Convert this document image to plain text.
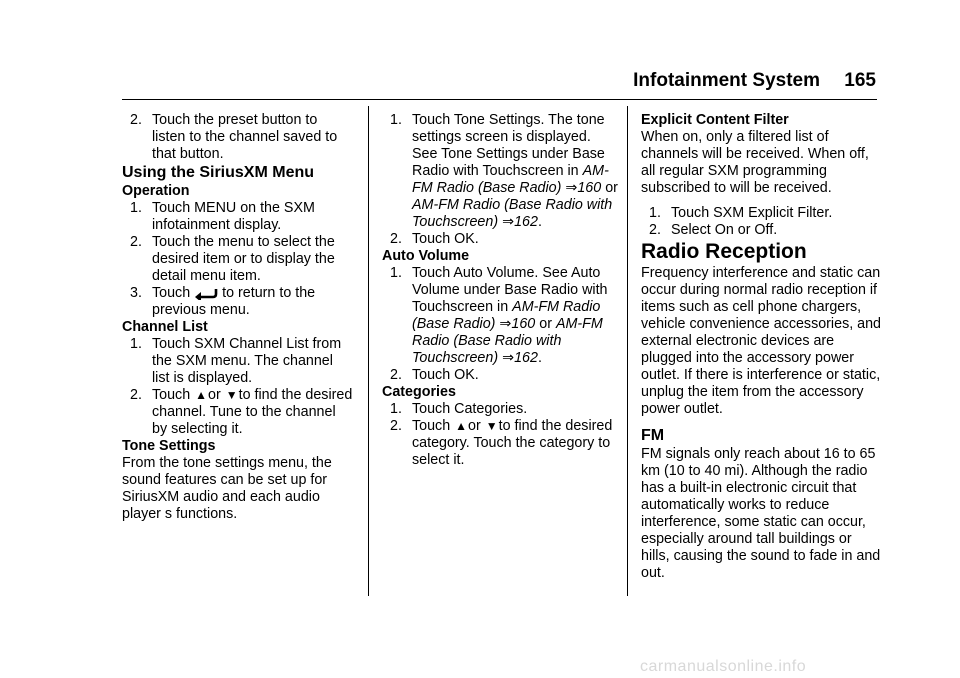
Infotainment System	165

2. Touch the preset button to listen to the channel saved to that button.

Using the SiriusXM Menu

Operation

1. Touch MENU on the SXM infotainment display.

2. Touch the menu to select the desired item or to display the detail menu item.

3. Touch to return to the previous menu.

Channel List

1. Touch SXM Channel List from the SXM menu. The channel list is displayed.

2. Touch ▲or ▼to find the desired channel. Tune to the channel by selecting it.

Tone Settings

From the tone settings menu, the sound features can be set up for SiriusXM audio and each audio player s functions.

1. Touch Tone Settings. The tone settings screen is displayed. See Tone Settings under Base Radio with Touchscreen in AM-FM Radio (Base Radio) ⇒160 or AM-FM Radio (Base Radio with Touchscreen) ⇒162.

2. Touch OK.

Auto Volume

1. Touch Auto Volume. See Auto Volume under Base Radio with Touchscreen in AM-FM Radio (Base Radio) ⇒160 or AM-FM Radio (Base Radio with Touchscreen) ⇒162.

2. Touch OK.

Categories

1. Touch Categories.

2. Touch ▲or ▼to find the desired category. Touch the category to select it.

Explicit Content Filter

When on, only a filtered list of channels will be received. When off, all regular SXM programming subscribed to will be received.

1. Touch SXM Explicit Filter.

2. Select On or Off.

Radio Reception

Frequency interference and static can occur during normal radio reception if items such as cell phone chargers, vehicle convenience accessories, and external electronic devices are plugged into the accessory power outlet. If there is interference or static, unplug the item from the accessory power outlet.

FM

FM signals only reach about 16 to 65 km (10 to 40 mi). Although the radio has a built-in electronic circuit that automatically works to reduce interference, some static can occur, especially around tall buildings or hills, causing the sound to fade in and out.

carmanualsonline.info
